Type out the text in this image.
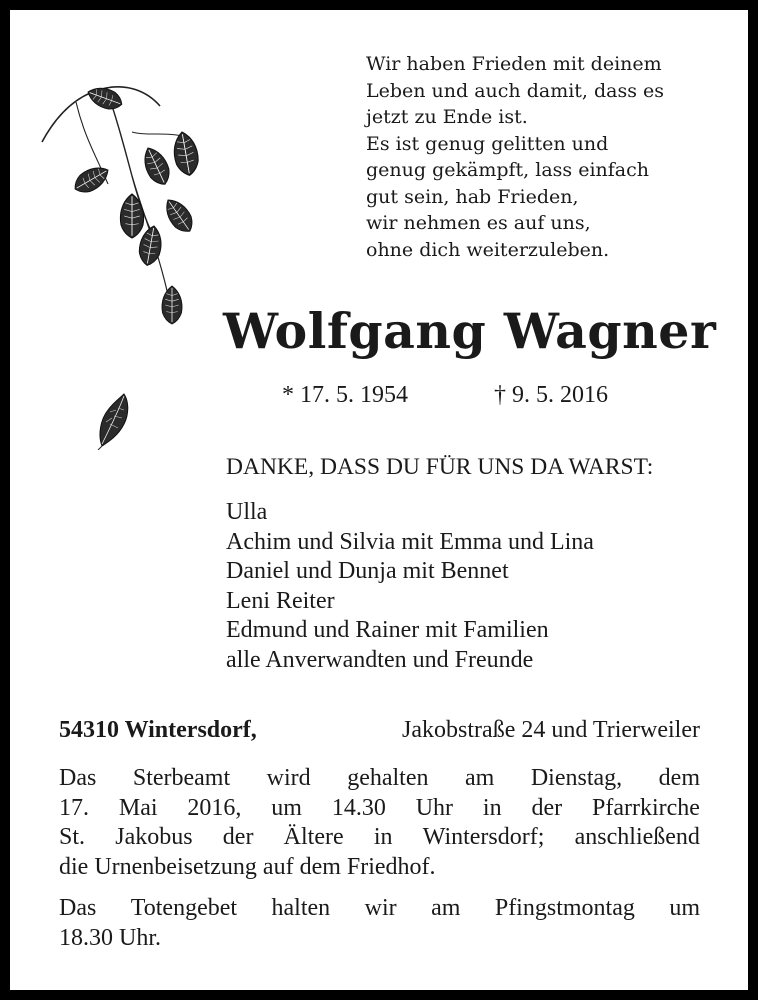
Wir haben Frieden mit deinem
Leben und auch damit, dass es
jetzt zu Ende ist.
Es ist genug gelitten und
genug gekämpft, lass einfach
gut sein, hab Frieden,
wir nehmen es auf uns,
ohne dich weiterzuleben.
Wolfgang Wagner
* 17. 5. 1954	† 9. 5. 2016
DANKE, DASS DU FÜR UNS DA WARST:
Ulla
Achim und Silvia mit Emma und Lina
Daniel und Dunja mit Bennet
Leni Reiter
Edmund und Rainer mit Familien
alle Anverwandten und Freunde
54310 Wintersdorf,	Jakobstraße 24 und Trierweiler
Das Sterbeamt wird gehalten am Dienstag, dem
17. Mai 2016, um 14.30 Uhr in der Pfarrkirche
St. Jakobus der Ältere in Wintersdorf; anschließend
die Urnenbeisetzung auf dem Friedhof.
Das Totengebet halten wir am Pfingstmontag um
18.30 Uhr.
